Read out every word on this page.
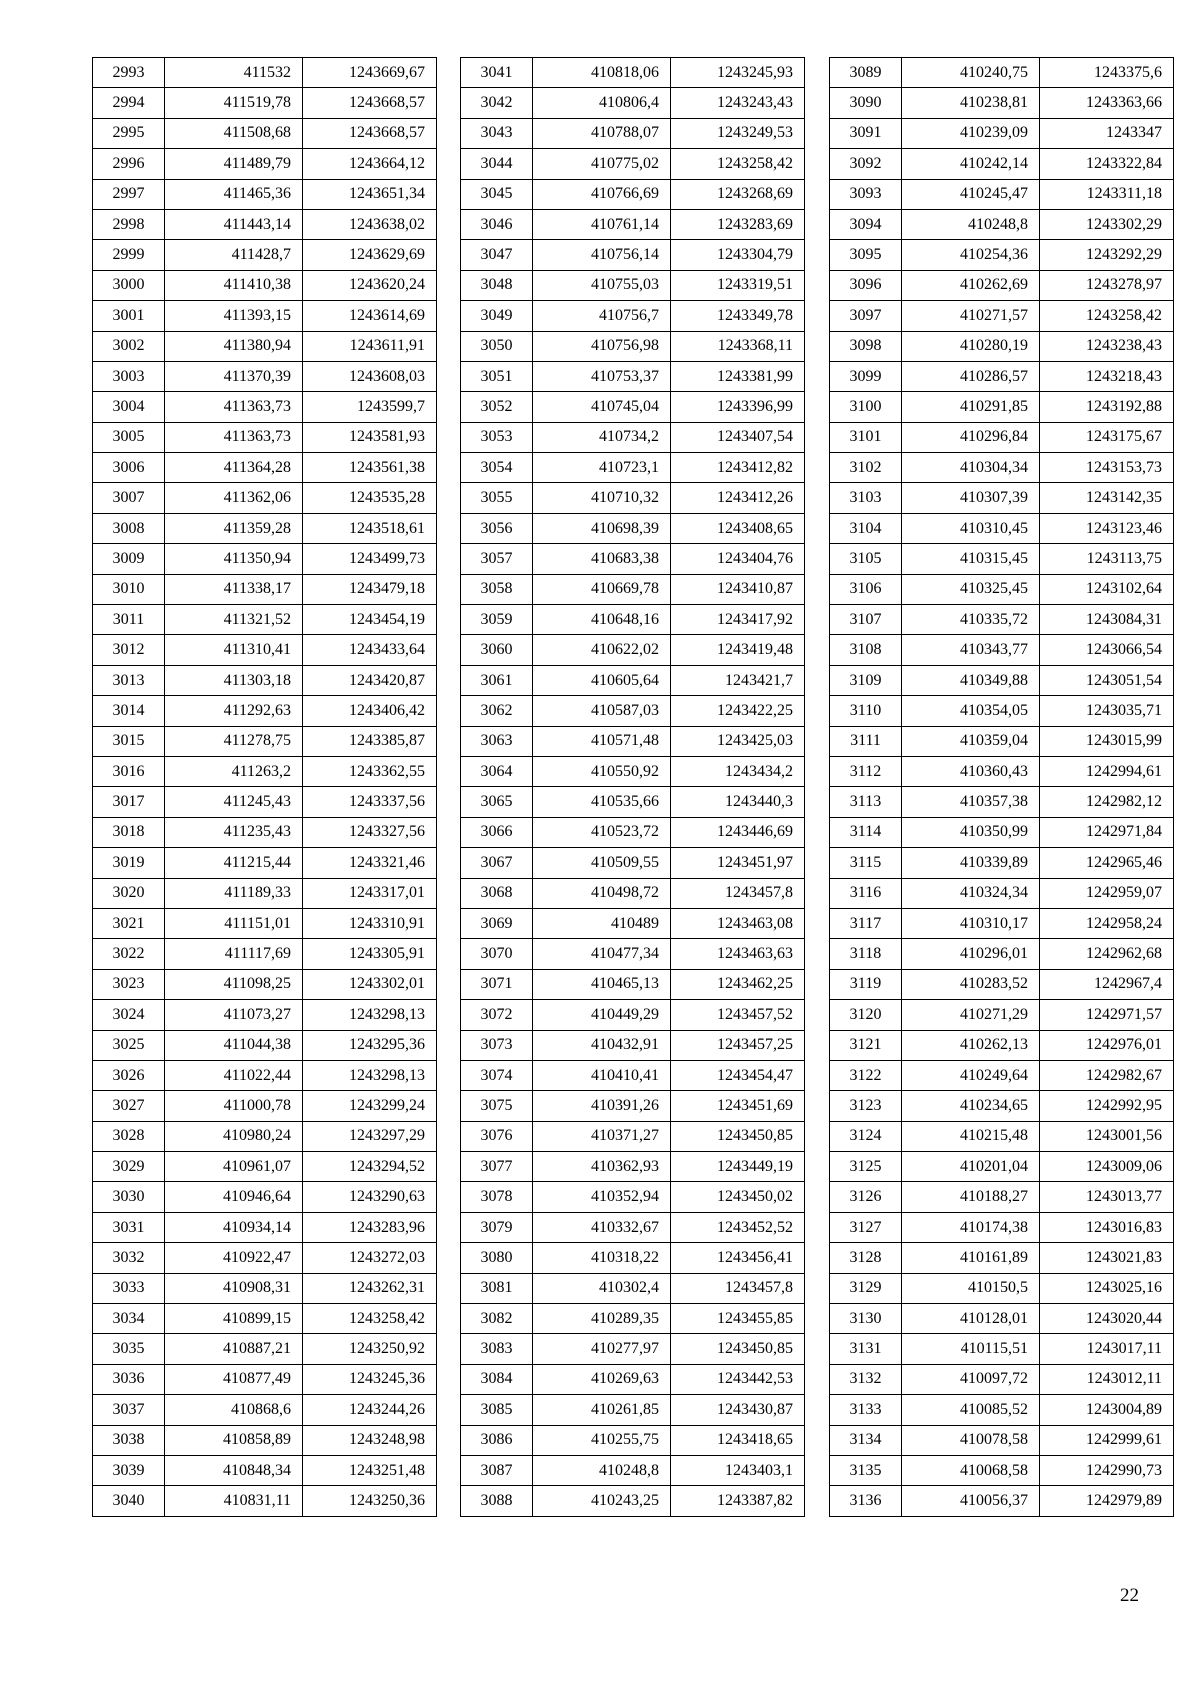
2993	411532	1243669,67
2994	411519,78	1243668,57
2995	411508,68	1243668,57
2996	411489,79	1243664,12
2997	411465,36	1243651,34
2998	411443,14	1243638,02
2999	411428,7	1243629,69
3000	411410,38	1243620,24
3001	411393,15	1243614,69
3002	411380,94	1243611,91
3003	411370,39	1243608,03
3004	411363,73	1243599,7
3005	411363,73	1243581,93
3006	411364,28	1243561,38
3007	411362,06	1243535,28
3008	411359,28	1243518,61
3009	411350,94	1243499,73
3010	411338,17	1243479,18
3011	411321,52	1243454,19
3012	411310,41	1243433,64
3013	411303,18	1243420,87
3014	411292,63	1243406,42
3015	411278,75	1243385,87
3016	411263,2	1243362,55
3017	411245,43	1243337,56
3018	411235,43	1243327,56
3019	411215,44	1243321,46
3020	411189,33	1243317,01
3021	411151,01	1243310,91
3022	411117,69	1243305,91
3023	411098,25	1243302,01
3024	411073,27	1243298,13
3025	411044,38	1243295,36
3026	411022,44	1243298,13
3027	411000,78	1243299,24
3028	410980,24	1243297,29
3029	410961,07	1243294,52
3030	410946,64	1243290,63
3031	410934,14	1243283,96
3032	410922,47	1243272,03
3033	410908,31	1243262,31
3034	410899,15	1243258,42
3035	410887,21	1243250,92
3036	410877,49	1243245,36
3037	410868,6	1243244,26
3038	410858,89	1243248,98
3039	410848,34	1243251,48
3040	410831,11	1243250,36
3041	410818,06	1243245,93
3042	410806,4	1243243,43
3043	410788,07	1243249,53
3044	410775,02	1243258,42
3045	410766,69	1243268,69
3046	410761,14	1243283,69
3047	410756,14	1243304,79
3048	410755,03	1243319,51
3049	410756,7	1243349,78
3050	410756,98	1243368,11
3051	410753,37	1243381,99
3052	410745,04	1243396,99
3053	410734,2	1243407,54
3054	410723,1	1243412,82
3055	410710,32	1243412,26
3056	410698,39	1243408,65
3057	410683,38	1243404,76
3058	410669,78	1243410,87
3059	410648,16	1243417,92
3060	410622,02	1243419,48
3061	410605,64	1243421,7
3062	410587,03	1243422,25
3063	410571,48	1243425,03
3064	410550,92	1243434,2
3065	410535,66	1243440,3
3066	410523,72	1243446,69
3067	410509,55	1243451,97
3068	410498,72	1243457,8
3069	410489	1243463,08
3070	410477,34	1243463,63
3071	410465,13	1243462,25
3072	410449,29	1243457,52
3073	410432,91	1243457,25
3074	410410,41	1243454,47
3075	410391,26	1243451,69
3076	410371,27	1243450,85
3077	410362,93	1243449,19
3078	410352,94	1243450,02
3079	410332,67	1243452,52
3080	410318,22	1243456,41
3081	410302,4	1243457,8
3082	410289,35	1243455,85
3083	410277,97	1243450,85
3084	410269,63	1243442,53
3085	410261,85	1243430,87
3086	410255,75	1243418,65
3087	410248,8	1243403,1
3088	410243,25	1243387,82
3089	410240,75	1243375,6
3090	410238,81	1243363,66
3091	410239,09	1243347
3092	410242,14	1243322,84
3093	410245,47	1243311,18
3094	410248,8	1243302,29
3095	410254,36	1243292,29
3096	410262,69	1243278,97
3097	410271,57	1243258,42
3098	410280,19	1243238,43
3099	410286,57	1243218,43
3100	410291,85	1243192,88
3101	410296,84	1243175,67
3102	410304,34	1243153,73
3103	410307,39	1243142,35
3104	410310,45	1243123,46
3105	410315,45	1243113,75
3106	410325,45	1243102,64
3107	410335,72	1243084,31
3108	410343,77	1243066,54
3109	410349,88	1243051,54
3110	410354,05	1243035,71
3111	410359,04	1243015,99
3112	410360,43	1242994,61
3113	410357,38	1242982,12
3114	410350,99	1242971,84
3115	410339,89	1242965,46
3116	410324,34	1242959,07
3117	410310,17	1242958,24
3118	410296,01	1242962,68
3119	410283,52	1242967,4
3120	410271,29	1242971,57
3121	410262,13	1242976,01
3122	410249,64	1242982,67
3123	410234,65	1242992,95
3124	410215,48	1243001,56
3125	410201,04	1243009,06
3126	410188,27	1243013,77
3127	410174,38	1243016,83
3128	410161,89	1243021,83
3129	410150,5	1243025,16
3130	410128,01	1243020,44
3131	410115,51	1243017,11
3132	410097,72	1243012,11
3133	410085,52	1243004,89
3134	410078,58	1242999,61
3135	410068,58	1242990,73
3136	410056,37	1242979,89
22
